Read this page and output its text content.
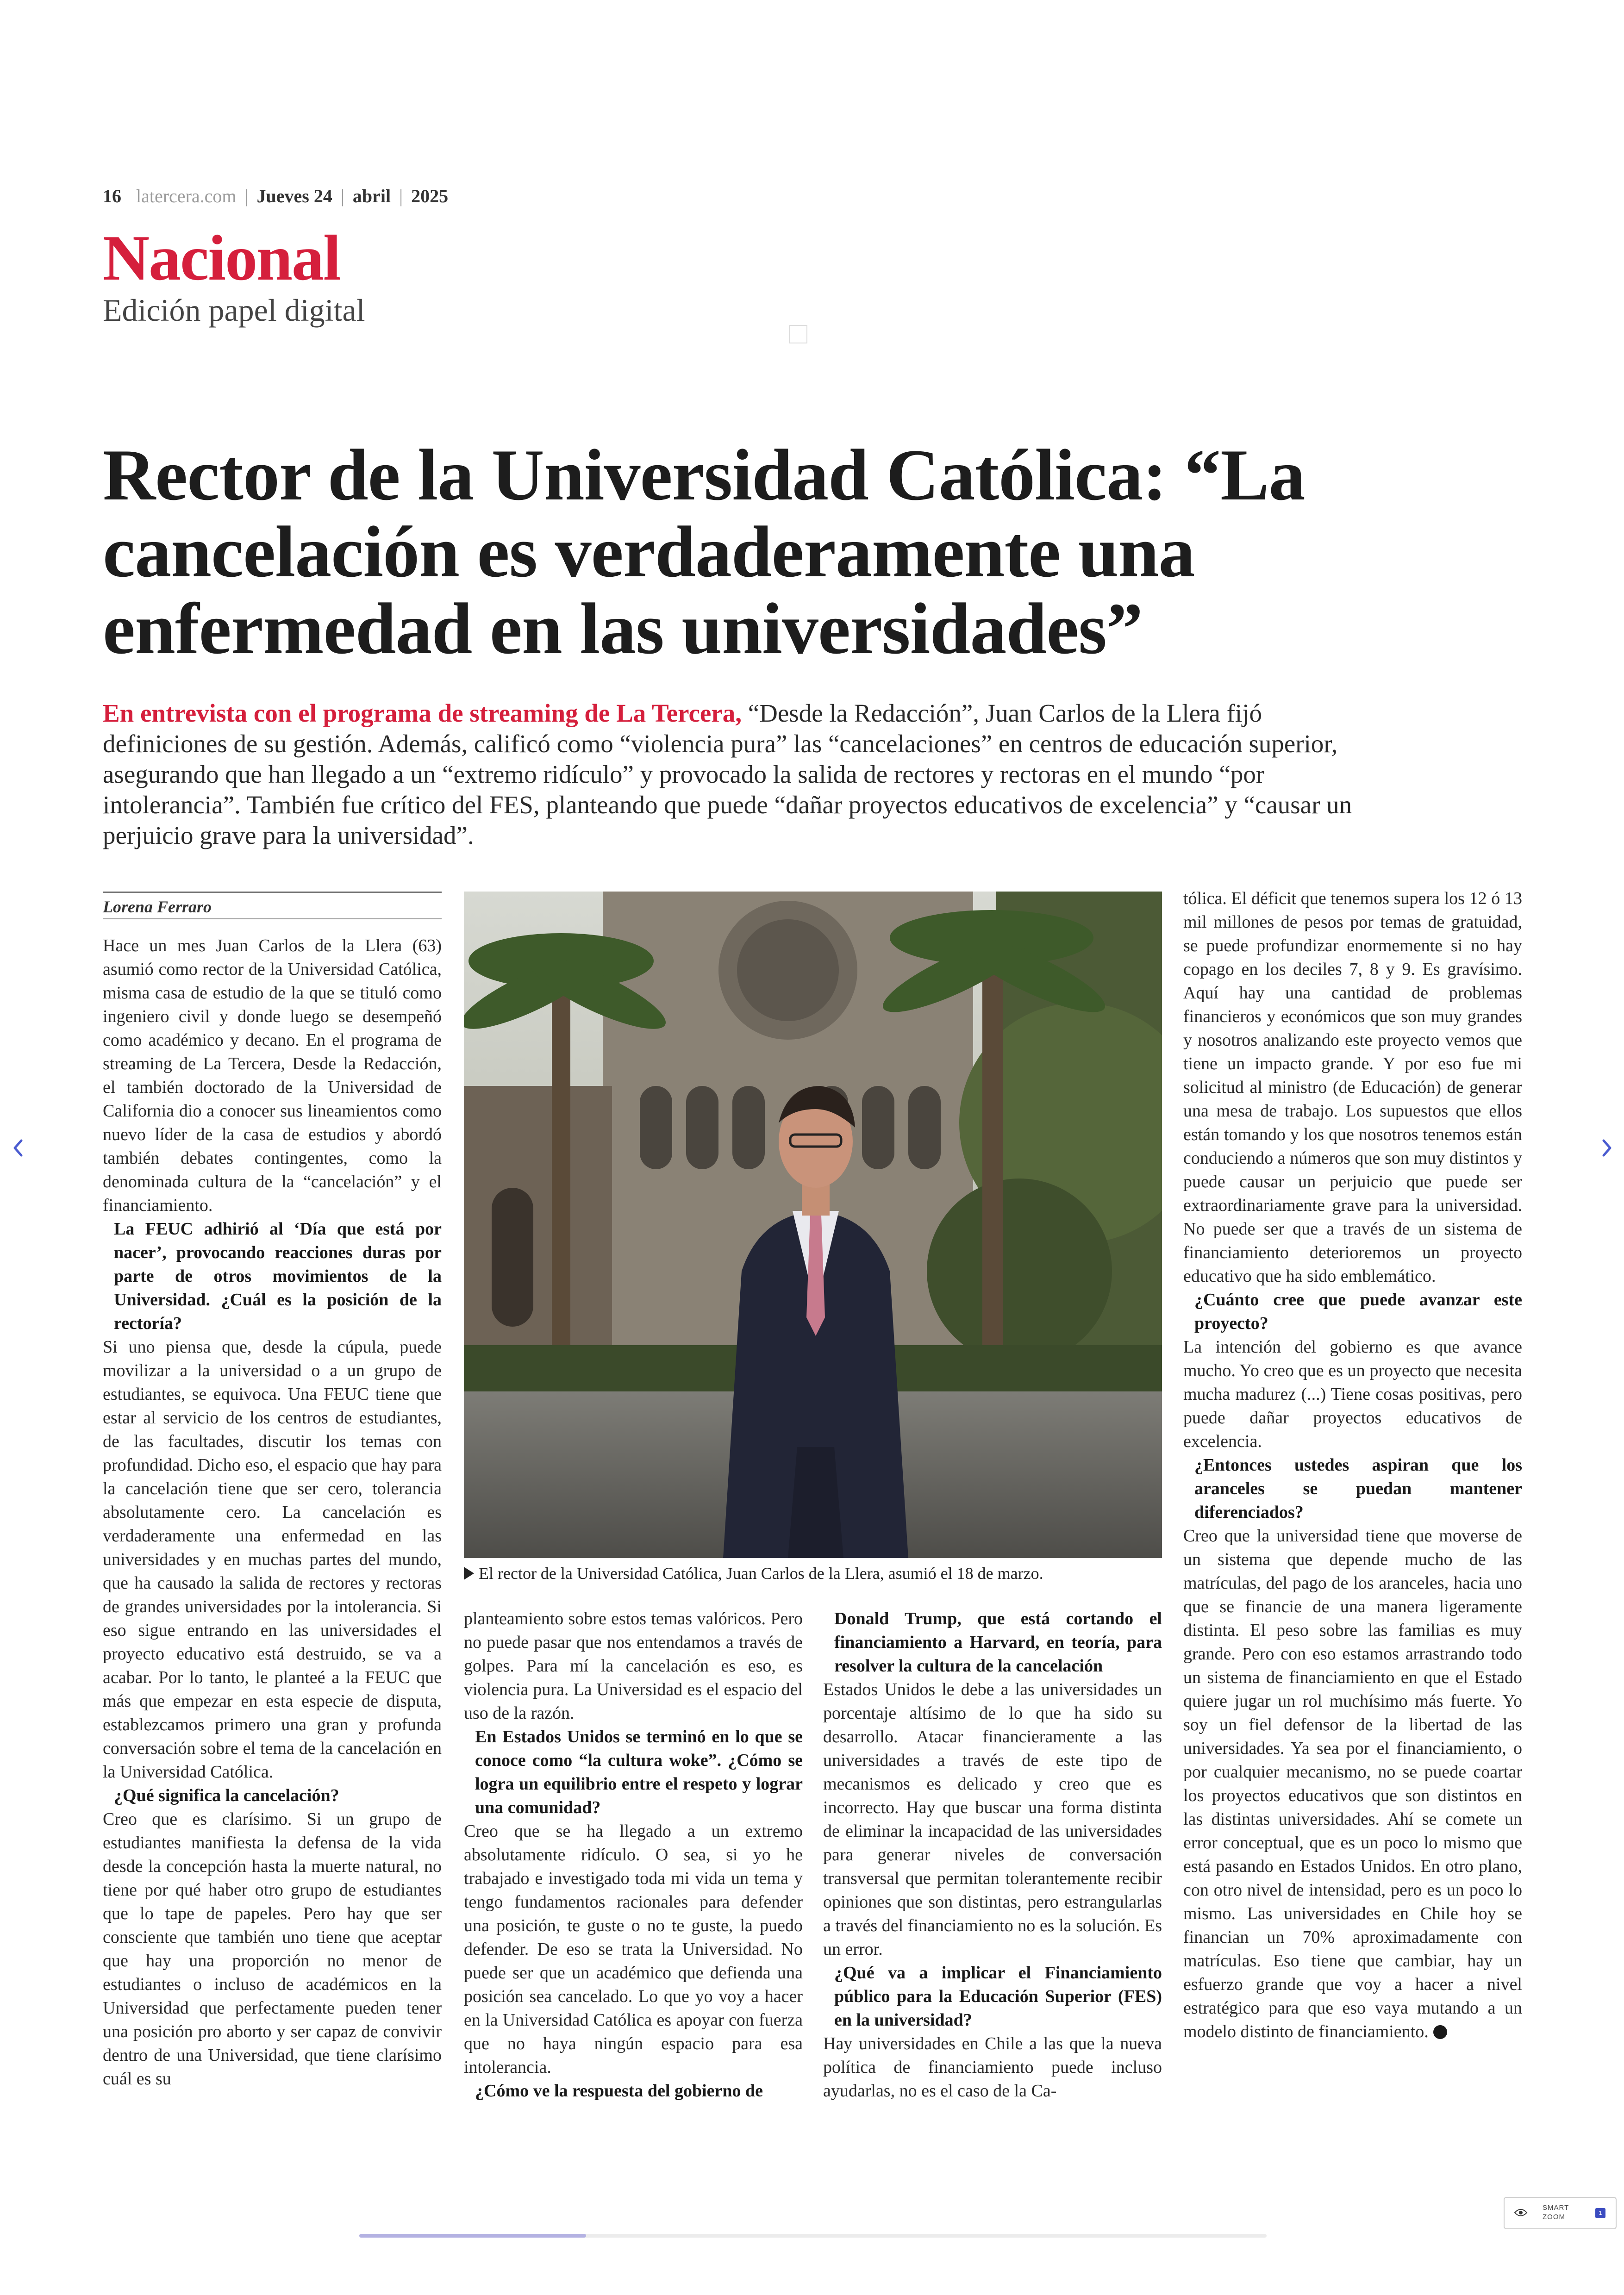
16 latercera.com | Jueves 24 | abril | 2025
Nacional
Edición papel digital
Rector de la Universidad Católica: “La cancelación es verdaderamente una enfermedad en las universidades”

En entrevista con el programa de streaming de La Tercera, “Desde la Redacción”, Juan Carlos de la Llera fijó definiciones de su gestión. Además, calificó como “violencia pura” las “cancelaciones” en centros de educación superior, asegurando que han llegado a un “extremo ridículo” y provocado la salida de rectores y rectoras en el mundo “por intolerancia”. También fue crítico del FES, planteando que puede “dañar proyectos educativos de excelencia” y “causar un perjuicio grave para la universidad”.

Lorena Ferraro

Hace un mes Juan Carlos de la Llera (63) asumió como rector de la Universidad Católica, misma casa de estudio de la que se tituló como ingeniero civil y donde luego se desempeñó como académico y decano. En el programa de streaming de La Tercera, Desde la Redacción, el también doctorado de la Universidad de California dio a conocer sus lineamientos como nuevo líder de la casa de estudios y abordó también debates contingentes, como la denominada cultura de la “cancelación” y el financiamiento.

La FEUC adhirió al ‘Día que está por nacer’, provocando reacciones duras por parte de otros movimientos de la Universidad. ¿Cuál es la posición de la rectoría?

Si uno piensa que, desde la cúpula, puede movilizar a la universidad o a un grupo de estudiantes, se equivoca. Una FEUC tiene que estar al servicio de los centros de estudiantes, de las facultades, discutir los temas con profundidad. Dicho eso, el espacio que hay para la cancelación tiene que ser cero, tolerancia absolutamente cero. La cancelación es verdaderamente una enfermedad en las universidades y en muchas partes del mundo, que ha causado la salida de rectores y rectoras de grandes universidades por la intolerancia. Si eso sigue entrando en las universidades el proyecto educativo está destruido, se va a acabar. Por lo tanto, le planteé a la FEUC que más que empezar en esta especie de disputa, establezcamos primero una gran y profunda conversación sobre el tema de la cancelación en la Universidad Católica.

¿Qué significa la cancelación?

Creo que es clarísimo. Si un grupo de estudiantes manifiesta la defensa de la vida desde la concepción hasta la muerte natural, no tiene por qué haber otro grupo de estudiantes que lo tape de papeles. Pero hay que ser consciente que también uno tiene que aceptar que hay una proporción no menor de estudiantes o incluso de académicos en la Universidad que perfectamente pueden tener una posición pro aborto y ser capaz de convivir dentro de una Universidad, que tiene clarísimo cuál es su

El rector de la Universidad Católica, Juan Carlos de la Llera, asumió el 18 de marzo.

planteamiento sobre estos temas valóricos. Pero no puede pasar que nos entendamos a través de golpes. Para mí la cancelación es eso, es violencia pura. La Universidad es el espacio del uso de la razón.

En Estados Unidos se terminó en lo que se conoce como “la cultura woke”. ¿Cómo se logra un equilibrio entre el respeto y lograr una comunidad?

Creo que se ha llegado a un extremo absolutamente ridículo. O sea, si yo he trabajado e investigado toda mi vida un tema y tengo fundamentos racionales para defender una posición, te guste o no te guste, la puedo defender. De eso se trata la Universidad. No puede ser que un académico que defienda una posición sea cancelado. Lo que yo voy a hacer en la Universidad Católica es apoyar con fuerza que no haya ningún espacio para esa intolerancia.

¿Cómo ve la respuesta del gobierno de

Donald Trump, que está cortando el financiamiento a Harvard, en teoría, para resolver la cultura de la cancelación

Estados Unidos le debe a las universidades un porcentaje altísimo de lo que ha sido su desarrollo. Atacar financieramente a las universidades a través de este tipo de mecanismos es delicado y creo que es incorrecto. Hay que buscar una forma distinta de eliminar la incapacidad de las universidades para generar niveles de conversación transversal que permitan tolerantemente recibir opiniones que son distintas, pero estrangularlas a través del financiamiento no es la solución. Es un error.

¿Qué va a implicar el Financiamiento público para la Educación Superior (FES) en la universidad?

Hay universidades en Chile a las que la nueva política de financiamiento puede incluso ayudarlas, no es el caso de la Ca-

tólica. El déficit que tenemos supera los 12 ó 13 mil millones de pesos por temas de gratuidad, se puede profundizar enormemente si no hay copago en los deciles 7, 8 y 9. Es gravísimo. Aquí hay una cantidad de problemas financieros y económicos que son muy grandes y nosotros analizando este proyecto vemos que tiene un impacto grande. Y por eso fue mi solicitud al ministro (de Educación) de generar una mesa de trabajo. Los supuestos que ellos están tomando y los que nosotros tenemos están conduciendo a números que son muy distintos y puede causar un perjuicio que puede ser extraordinariamente grave para la universidad. No puede ser que a través de un sistema de financiamiento deterioremos un proyecto educativo que ha sido emblemático.

¿Cuánto cree que puede avanzar este proyecto?

La intención del gobierno es que avance mucho. Yo creo que es un proyecto que necesita mucha madurez (...) Tiene cosas positivas, pero puede dañar proyectos educativos de excelencia.

¿Entonces ustedes aspiran que los aranceles se puedan mantener diferenciados?

Creo que la universidad tiene que moverse de un sistema que depende mucho de las matrículas, del pago de los aranceles, hacia uno que se financie de una manera ligeramente distinta. El peso sobre las familias es muy grande. Pero con eso estamos arrastrando todo un sistema de financiamiento en que el Estado quiere jugar un rol muchísimo más fuerte. Yo soy un fiel defensor de la libertad de las universidades. Ya sea por el financiamiento, o por cualquier mecanismo, no se puede coartar los proyectos educativos que son distintos en las distintas universidades. Ahí se comete un error conceptual, que es un poco lo mismo que está pasando en Estados Unidos. En otro plano, con otro nivel de intensidad, pero es un poco lo mismo. Las universidades en Chile hoy se financian un 70% aproximadamente con matrículas. Eso tiene que cambiar, hay un esfuerzo grande que voy a hacer a nivel estratégico para que eso vaya mutando a un modelo distinto de financiamiento.

SMART
ZOOM
1
